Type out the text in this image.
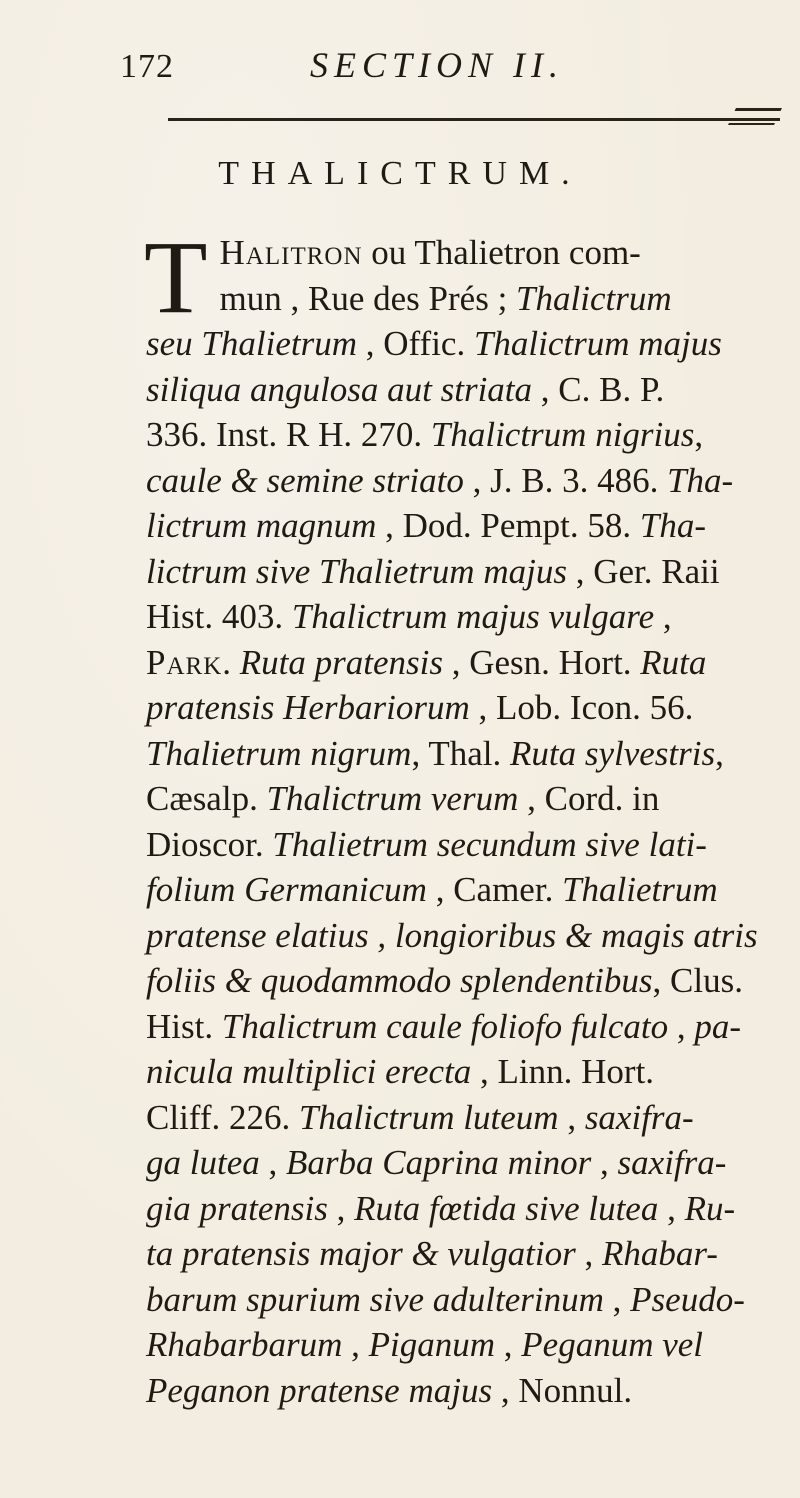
172	SECTION II.
THALICTRUM.
T Halitron ou Thalietron com-
mun , Rue des Prés ; Thalictrum
seu Thalietrum , Offic. Thalictrum majus
siliqua angulosa aut striata , C. B. P.
336. Inst. R H. 270. Thalictrum nigrius,
caule & semine striato , J. B. 3. 486. Tha-
lictrum magnum , Dod. Pempt. 58. Tha-
lictrum sive Thalietrum majus , Ger. Raii
Hist. 403. Thalictrum majus vulgare ,
Park. Ruta pratensis , Gesn. Hort. Ruta
pratensis Herbariorum , Lob. Icon. 56.
Thalietrum nigrum, Thal. Ruta sylvestris,
Cæsalp. Thalictrum verum , Cord. in
Dioscor. Thalietrum secundum sive lati-
folium Germanicum , Camer. Thalietrum
pratense elatius , longioribus & magis atris
foliis & quodammodo splendentibus, Clus.
Hist. Thalictrum caule foliofo fulcato , pa-
nicula multiplici erecta , Linn. Hort.
Cliff. 226. Thalictrum luteum , saxifra-
ga lutea , Barba Caprina minor , saxifra-
gia pratensis , Ruta fœtida sive lutea , Ru-
ta pratensis major & vulgatior , Rhabar-
barum spurium sive adulterinum , Pseudo-
Rhabarbarum , Piganum , Peganum vel
Peganon pratense majus , Nonnul.
